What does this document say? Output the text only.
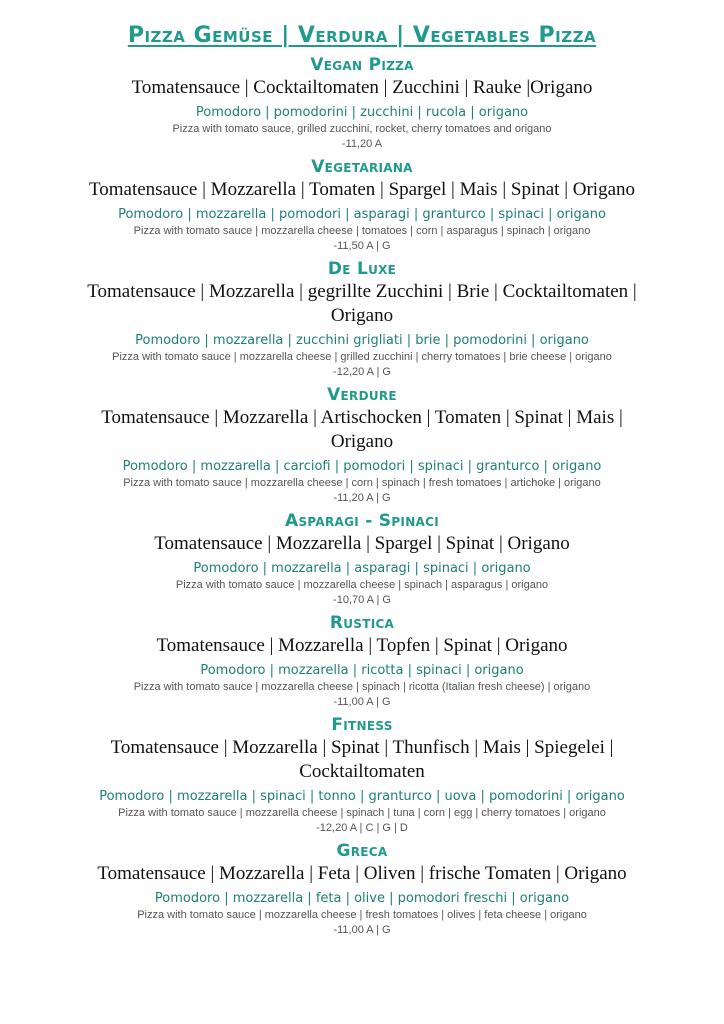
Pizza Gemüse | Verdura | Vegetables Pizza
Vegan Pizza
Tomatensauce | Cocktailtomaten | Zucchini | Rauke |Origano
Pomodoro | pomodorini | zucchini | rucola | origano
Pizza with tomato sauce, grilled zucchini, rocket, cherry tomatoes and origano
-11,20 A
Vegetariana
Tomatensauce | Mozzarella | Tomaten | Spargel | Mais | Spinat | Origano
Pomodoro | mozzarella | pomodori | asparagi | granturco | spinaci | origano
Pizza with tomato sauce | mozzarella cheese | tomatoes | corn | asparagus | spinach | origano
-11,50 A | G
De Luxe
Tomatensauce | Mozzarella | gegrillte Zucchini | Brie | Cocktailtomaten | Origano
Pomodoro | mozzarella | zucchini grigliati | brie | pomodorini | origano
Pizza with tomato sauce | mozzarella cheese | grilled zucchini | cherry tomatoes | brie cheese | origano
-12,20 A | G
Verdure
Tomatensauce | Mozzarella | Artischocken | Tomaten | Spinat | Mais | Origano
Pomodoro | mozzarella | carciofi | pomodori | spinaci | granturco | origano
Pizza with tomato sauce | mozzarella cheese | corn | spinach | fresh tomatoes | artichoke | origano
-11,20 A | G
Asparagi - Spinaci
Tomatensauce | Mozzarella | Spargel | Spinat | Origano
Pomodoro | mozzarella | asparagi | spinaci | origano
Pizza with tomato sauce | mozzarella cheese | spinach | asparagus | origano
-10,70 A | G
Rustica
Tomatensauce | Mozzarella | Topfen | Spinat | Origano
Pomodoro | mozzarella | ricotta | spinaci | origano
Pizza with tomato sauce | mozzarella cheese | spinach | ricotta (Italian fresh cheese) | origano
-11,00 A | G
Fitness
Tomatensauce | Mozzarella | Spinat | Thunfisch | Mais | Spiegelei | Cocktailtomaten
Pomodoro | mozzarella | spinaci | tonno | granturco | uova | pomodorini | origano
Pizza with tomato sauce | mozzarella cheese | spinach | tuna | corn | egg | cherry tomatoes | origano
-12,20 A | C | G | D
Greca
Tomatensauce | Mozzarella | Feta | Oliven | frische Tomaten | Origano
Pomodoro | mozzarella | feta | olive | pomodori freschi | origano
Pizza with tomato sauce | mozzarella cheese | fresh tomatoes | olives | feta cheese | origano
-11,00 A | G
